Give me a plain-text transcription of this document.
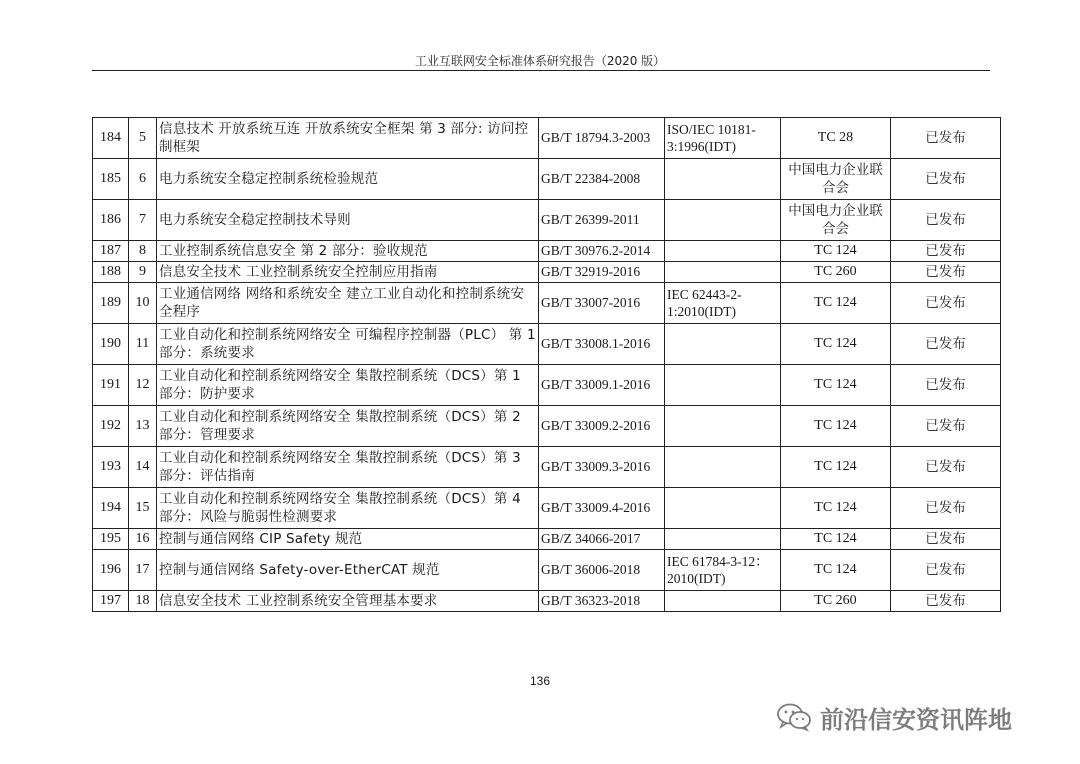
工业互联网安全标准体系研究报告（2020 版）
184	5	信息技术 开放系统互连 开放系统安全框架 第 3 部分: 访问控制框架	GB/T 18794.3-2003	ISO/IEC 10181-3:1996(IDT)	TC 28	已发布
185	6	电力系统安全稳定控制系统检验规范	GB/T 22384-2008		中国电力企业联合会	已发布
186	7	电力系统安全稳定控制技术导则	GB/T 26399-2011		中国电力企业联合会	已发布
187	8	工业控制系统信息安全 第 2 部分：验收规范	GB/T 30976.2-2014		TC 124	已发布
188	9	信息安全技术 工业控制系统安全控制应用指南	GB/T 32919-2016		TC 260	已发布
189	10	工业通信网络 网络和系统安全 建立工业自动化和控制系统安全程序	GB/T 33007-2016	IEC 62443-2-1:2010(IDT)	TC 124	已发布
190	11	工业自动化和控制系统网络安全 可编程序控制器（PLC） 第 1 部分：系统要求	GB/T 33008.1-2016		TC 124	已发布
191	12	工业自动化和控制系统网络安全 集散控制系统（DCS）第 1 部分：防护要求	GB/T 33009.1-2016		TC 124	已发布
192	13	工业自动化和控制系统网络安全 集散控制系统（DCS）第 2 部分：管理要求	GB/T 33009.2-2016		TC 124	已发布
193	14	工业自动化和控制系统网络安全 集散控制系统（DCS）第 3 部分：评估指南	GB/T 33009.3-2016		TC 124	已发布
194	15	工业自动化和控制系统网络安全 集散控制系统（DCS）第 4 部分：风险与脆弱性检测要求	GB/T 33009.4-2016		TC 124	已发布
195	16	控制与通信网络 CIP Safety 规范	GB/Z 34066-2017		TC 124	已发布
196	17	控制与通信网络 Safety-over-EtherCAT 规范	GB/T 36006-2018	IEC 61784-3-12：2010(IDT)	TC 124	已发布
197	18	信息安全技术 工业控制系统安全管理基本要求	GB/T 36323-2018		TC 260	已发布
136
前沿信安资讯阵地
